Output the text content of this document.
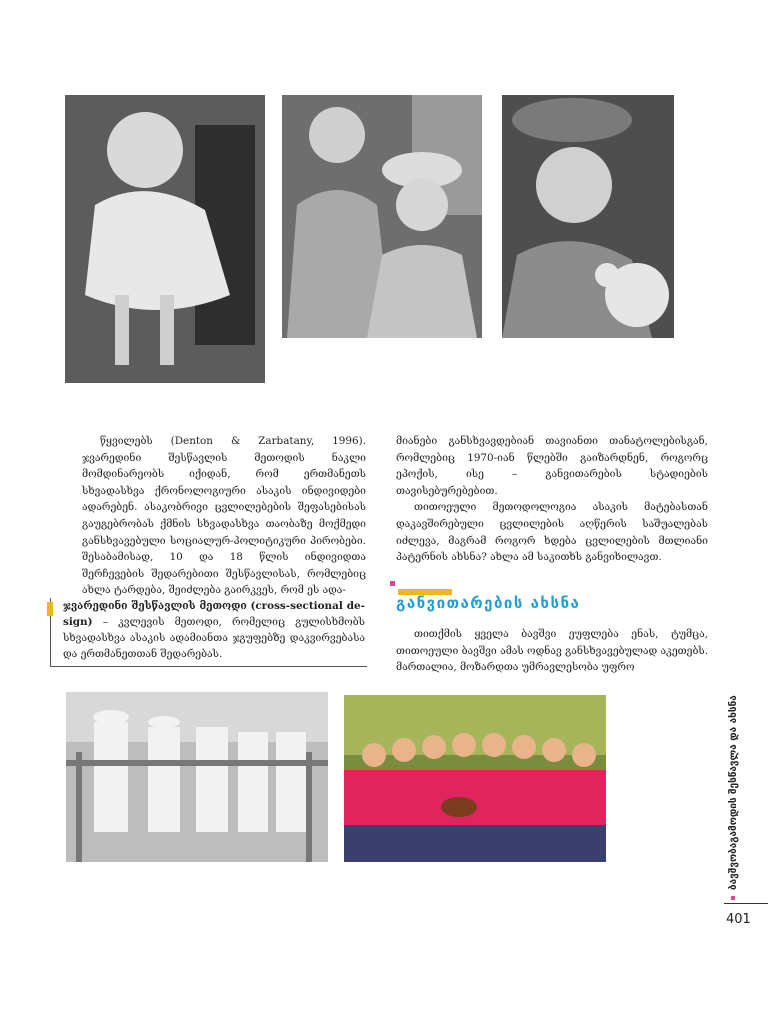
წყვილებს (Denton & Zarbatany, 1996). ჯვარედინი შესწავლის მეთოდის ნაკლი მომდინარეობს იქიდან, რომ ერთმანეთს სხვადასხვა ქრონოლოგიური ასაკის ინდივიდები ადარებენ. ასაკობრივი ცვლილებების შეფასებისას გაუგებრობას ქმნის სხვადასხვა თაობაზე მოქმედი განსხვავებული სოციალურ-პოლიტიკური პირობები. შესაბამისად, 10 და 18 წლის ინდივიდთა შერჩევების შედარებითი შესწავლისას, რომლებიც ახლა ტარდება, შეიძლება გაირკვეს, რომ ეს ადა-

ჯვარედინი შესწავლის მეთოდი (cross-sectional de-sign) – კვლევის მეთოდი, რომელიც გულისხმობს სხვადასხვა ასაკის ადამიანთა ჯგუფებზე დაკვირვებასა და ერთმანეთთან შედარებას.

მიანები განსხვავდებიან თავიანთი თანატოლებისგან, რომლებიც 1970-იან წლებში გაიზარდნენ, როგორც ეპოქის, ისე – განვითარების სტადიების თავისებურებებით.

თითოეული მეთოდოლოგია ასაკის მატებასთან დაკავშირებული ცვლილების აღწერის საშუალებას იძლევა, მაგრამ როგორ ხდება ცვლილების მთლიანი პატერნის ახსნა? ახლა ამ საკითხს განვიხილავთ.

განვითარების ახსნა

თითქმის ყველა ბავშვი ეუფლება ენას, ტუმცა, თითოეული ბავშვი ამას ოდნავ განსხვავებულად აკეთებს. მართალია, მოზარდთა უმრავლესობა უფრო

ბავშვობაგამოდის შესწავლა და ახსნა
401
